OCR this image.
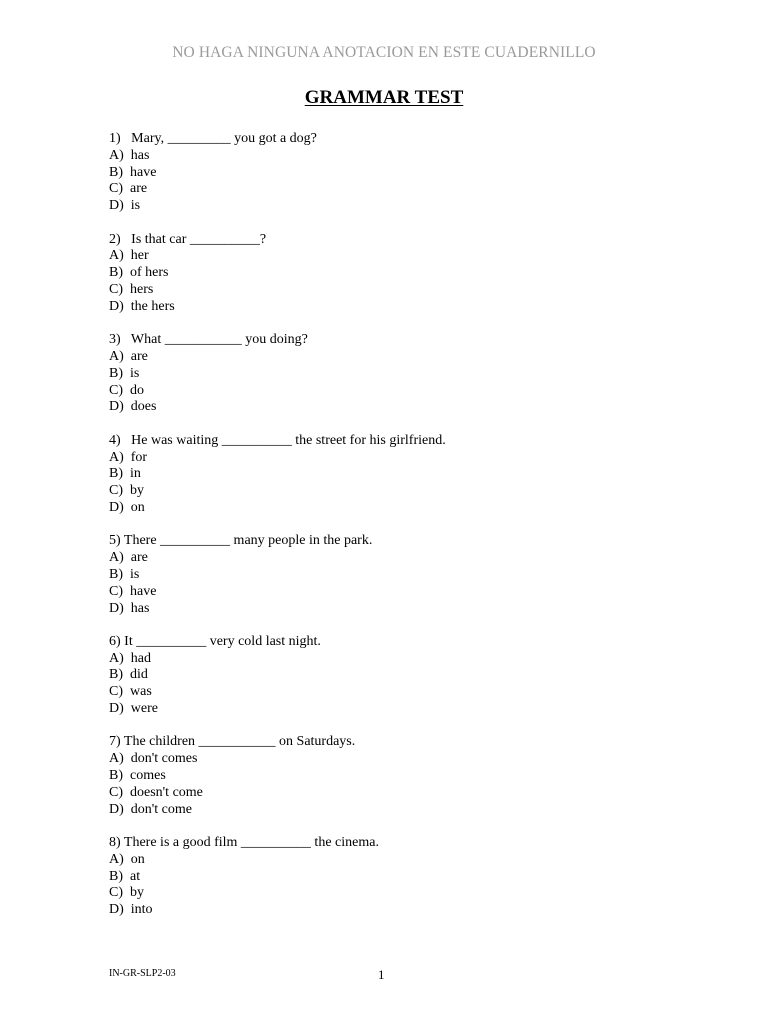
NO HAGA NINGUNA ANOTACION EN ESTE CUADERNILLO
GRAMMAR TEST
1)   Mary, _________ you got a dog?
A)  has
B)  have
C)  are
D)  is
2)   Is that car __________?
A)  her
B)  of hers
C)  hers
D)  the hers
3)   What ___________ you doing?
A)  are
B)  is
C)  do
D)  does
4)   He was waiting __________ the street for his girlfriend.
A)  for
B)  in
C)  by
D)  on
5) There __________ many people in the park.
A)  are
B)  is
C)  have
D)  has
6) It __________ very cold last night.
A)  had
B)  did
C)  was
D)  were
7) The children ___________ on Saturdays.
A)  don't comes
B)  comes
C)  doesn't come
D)  don't come
8) There is a good film __________ the cinema.
A)  on
B)  at
C)  by
D)  into
IN-GR-SLP2-03	1
